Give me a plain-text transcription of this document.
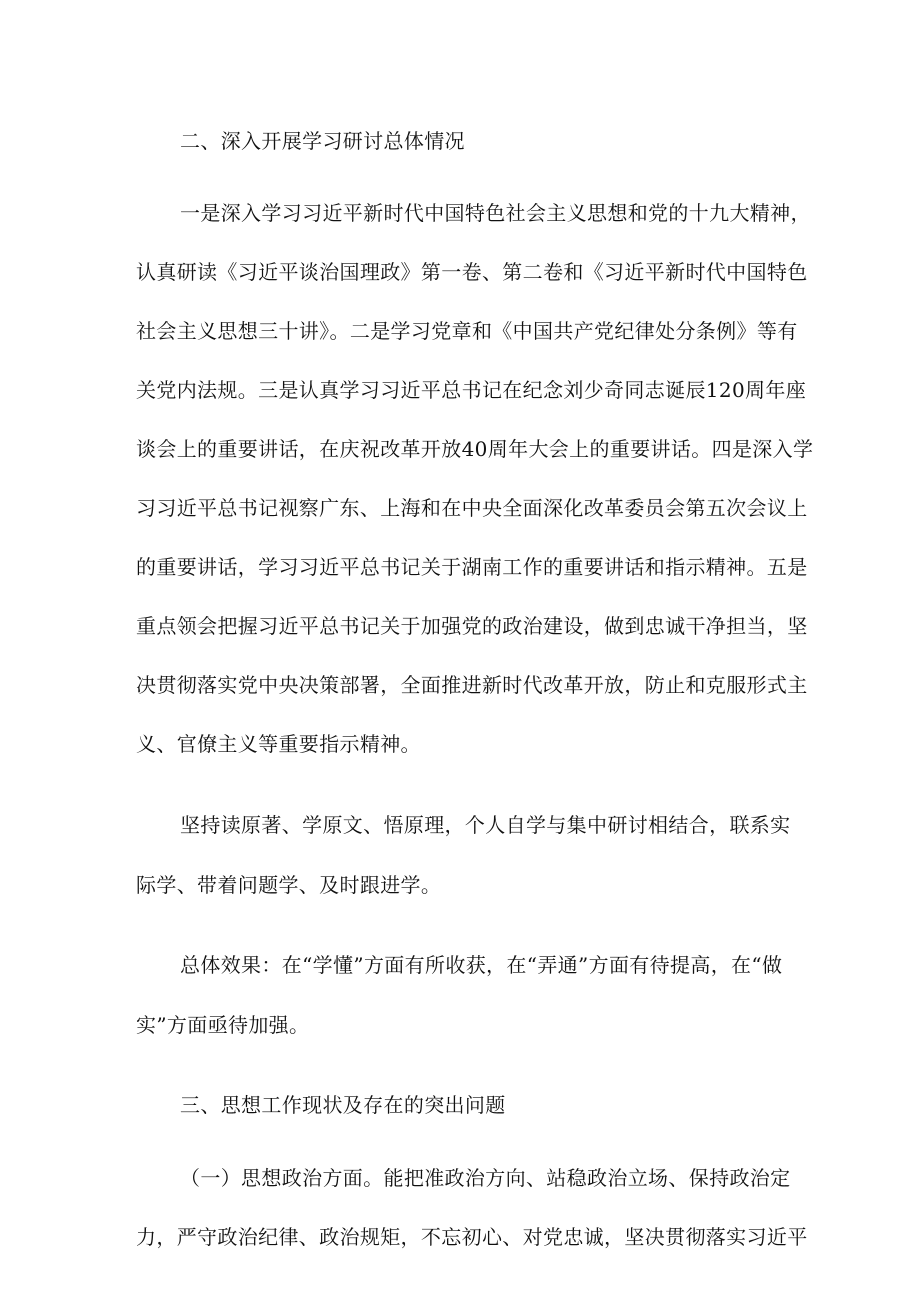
二、深入开展学习研讨总体情况
一是深入学习习近平新时代中国特色社会主义思想和党的十九大精神，
认真研读《习近平谈治国理政》第一卷、第二卷和《习近平新时代中国特色
社会主义思想三十讲》。二是学习党章和《中国共产党纪律处分条例》等有
关党内法规。三是认真学习习近平总书记在纪念刘少奇同志诞辰120周年座
谈会上的重要讲话，在庆祝改革开放40周年大会上的重要讲话。四是深入学
习习近平总书记视察广东、上海和在中央全面深化改革委员会第五次会议上
的重要讲话，学习习近平总书记关于湖南工作的重要讲话和指示精神。五是
重点领会把握习近平总书记关于加强党的政治建设，做到忠诚干净担当，坚
决贯彻落实党中央决策部署，全面推进新时代改革开放，防止和克服形式主
义、官僚主义等重要指示精神。
坚持读原著、学原文、悟原理，个人自学与集中研讨相结合，联系实
际学、带着问题学、及时跟进学。
总体效果：在“学懂”方面有所收获，在“弄通”方面有待提高，在“做
实”方面亟待加强。
三、思想工作现状及存在的突出问题
（一）思想政治方面。能把准政治方向、站稳政治立场、保持政治定
力，严守政治纪律、政治规矩，不忘初心、对党忠诚，坚决贯彻落实习近平
